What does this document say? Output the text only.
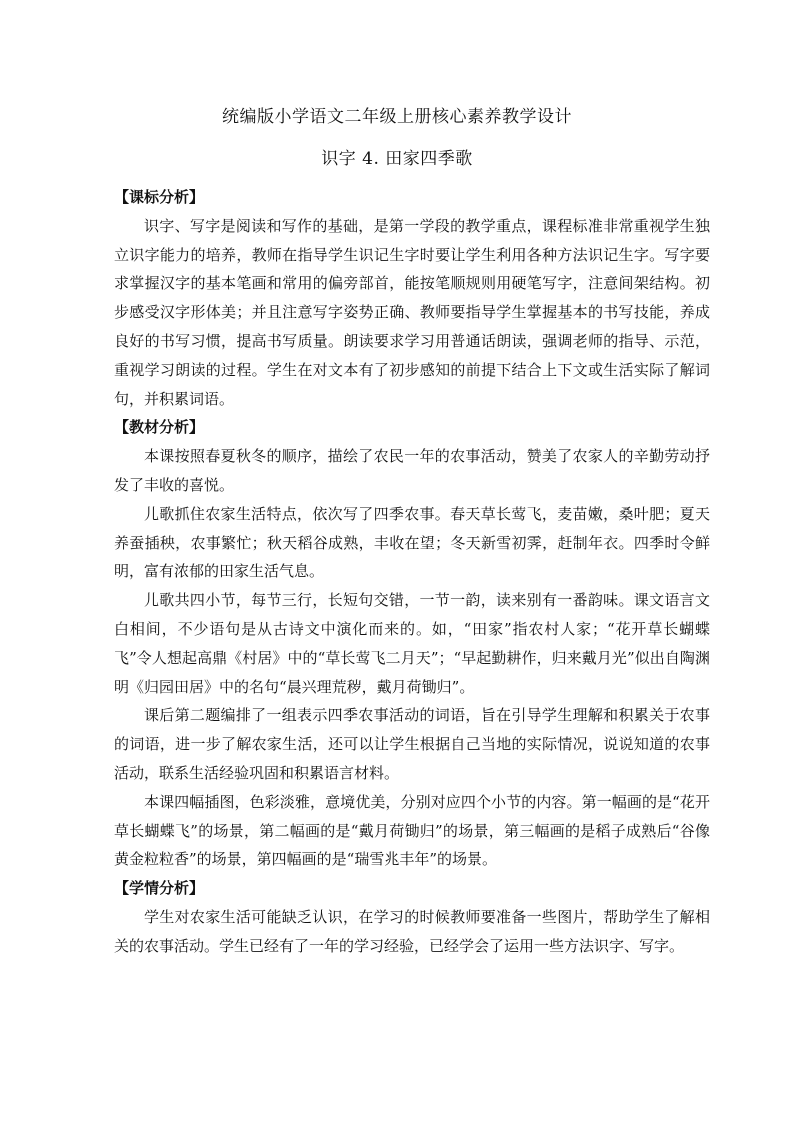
统编版小学语文二年级上册核心素养教学设计
识字 4. 田家四季歌

【课标分析】

识字、写字是阅读和写作的基础，是第一学段的教学重点，课程标准非常重视学生独立识字能力的培养，教师在指导学生识记生字时要让学生利用各种方法识记生字。写字要求掌握汉字的基本笔画和常用的偏旁部首，能按笔顺规则用硬笔写字，注意间架结构。初步感受汉字形体美；并且注意写字姿势正确、教师要指导学生掌握基本的书写技能，养成良好的书写习惯，提高书写质量。朗读要求学习用普通话朗读，强调老师的指导、示范，重视学习朗读的过程。学生在对文本有了初步感知的前提下结合上下文或生活实际了解词句，并积累词语。

【教材分析】

本课按照春夏秋冬的顺序，描绘了农民一年的农事活动，赞美了农家人的辛勤劳动抒发了丰收的喜悦。

儿歌抓住农家生活特点，依次写了四季农事。春天草长莺飞，麦苗嫩，桑叶肥；夏天养蚕插秧，农事繁忙；秋天稻谷成熟，丰收在望；冬天新雪初霁，赶制年衣。四季时令鲜明，富有浓郁的田家生活气息。

儿歌共四小节，每节三行，长短句交错，一节一韵，读来别有一番韵味。课文语言文白相间，不少语句是从古诗文中演化而来的。如，“田家”指农村人家；“花开草长蝴蝶飞”令人想起高鼎《村居》中的“草长莺飞二月天”；“早起勤耕作，归来戴月光”似出自陶渊明《归园田居》中的名句“晨兴理荒秽，戴月荷锄归”。

课后第二题编排了一组表示四季农事活动的词语，旨在引导学生理解和积累关于农事的词语，进一步了解农家生活，还可以让学生根据自己当地的实际情况，说说知道的农事活动，联系生活经验巩固和积累语言材料。

本课四幅插图，色彩淡雅，意境优美，分别对应四个小节的内容。第一幅画的是“花开草长蝴蝶飞”的场景，第二幅画的是“戴月荷锄归”的场景，第三幅画的是稻子成熟后“谷像黄金粒粒香”的场景，第四幅画的是“瑞雪兆丰年”的场景。

【学情分析】

学生对农家生活可能缺乏认识，在学习的时候教师要准备一些图片，帮助学生了解相关的农事活动。学生已经有了一年的学习经验，已经学会了运用一些方法识字、写字。
